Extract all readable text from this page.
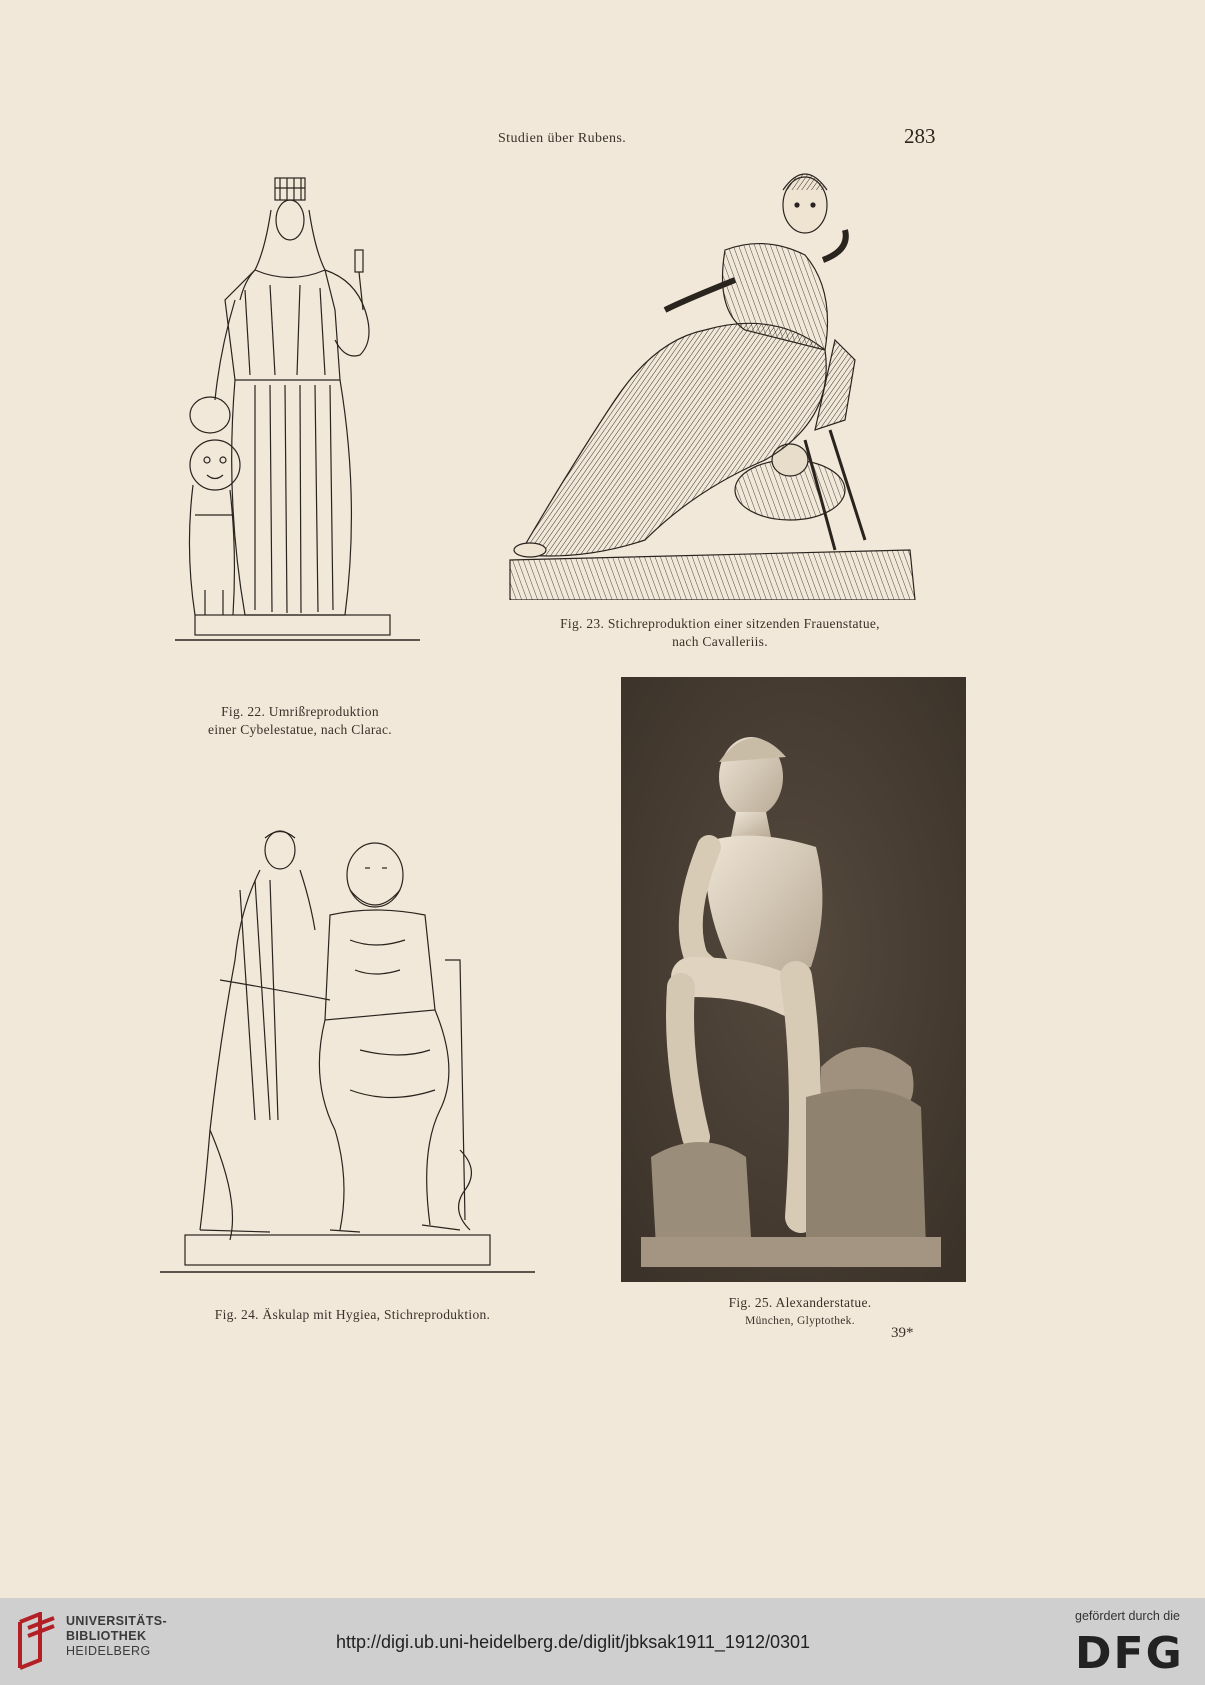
Studien über Rubens.	283
Fig. 22. Umrißreproduktion
einer Cybelestatue, nach Clarac.
Fig. 23. Stichreproduktion einer sitzenden Frauenstatue,
nach Cavalleriis.
Fig. 24. Äskulap mit Hygiea, Stichreproduktion.
Fig. 25. Alexanderstatue.
München, Glyptothek.
39*
UNIVERSITÄTS-
BIBLIOTHEK
HEIDELBERG	http://digi.ub.uni-heidelberg.de/diglit/jbksak1911_1912/0301
gefördert durch die
DFG
